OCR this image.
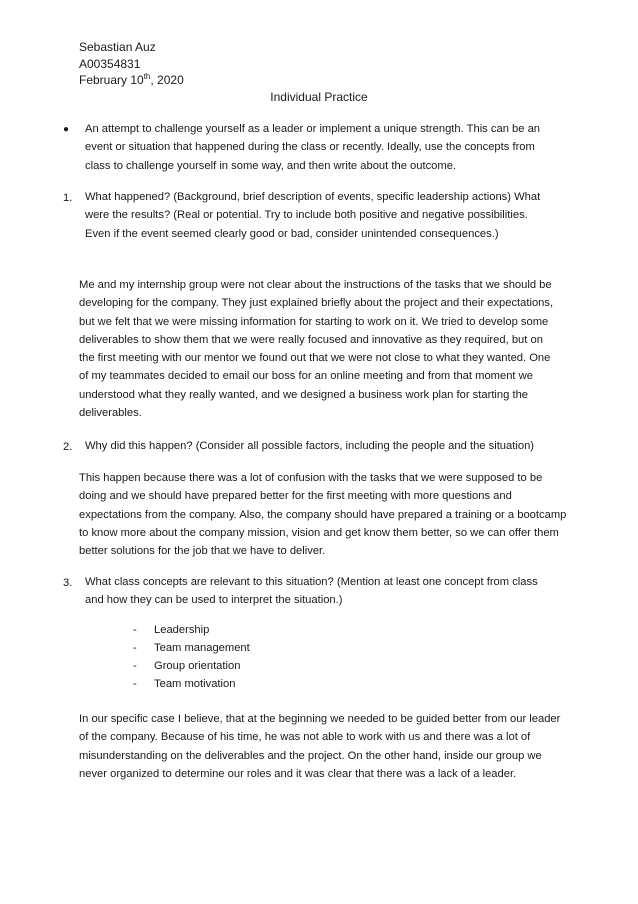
Sebastian Auz
A00354831
February 10th, 2020
Individual Practice
● An attempt to challenge yourself as a leader or implement a unique strength. This can be an event or situation that happened during the class or recently. Ideally, use the concepts from class to challenge yourself in some way, and then write about the outcome.
1. What happened? (Background, brief description of events, specific leadership actions) What were the results? (Real or potential. Try to include both positive and negative possibilities. Even if the event seemed clearly good or bad, consider unintended consequences.)
Me and my internship group were not clear about the instructions of the tasks that we should be developing for the company. They just explained briefly about the project and their expectations, but we felt that we were missing information for starting to work on it. We tried to develop some deliverables to show them that we were really focused and innovative as they required, but on the first meeting with our mentor we found out that we were not close to what they wanted. One of my teammates decided to email our boss for an online meeting and from that moment we understood what they really wanted, and we designed a business work plan for starting the deliverables.
2. Why did this happen? (Consider all possible factors, including the people and the situation)
This happen because there was a lot of confusion with the tasks that we were supposed to be doing and we should have prepared better for the first meeting with more questions and expectations from the company. Also, the company should have prepared a training or a bootcamp to know more about the company mission, vision and get know them better, so we can offer them better solutions for the job that we have to deliver.
3. What class concepts are relevant to this situation? (Mention at least one concept from class and how they can be used to interpret the situation.)
- Leadership
- Team management
- Group orientation
- Team motivation
In our specific case I believe, that at the beginning we needed to be guided better from our leader of the company. Because of his time, he was not able to work with us and there was a lot of misunderstanding on the deliverables and the project. On the other hand, inside our group we never organized to determine our roles and it was clear that there was a lack of a leader.
